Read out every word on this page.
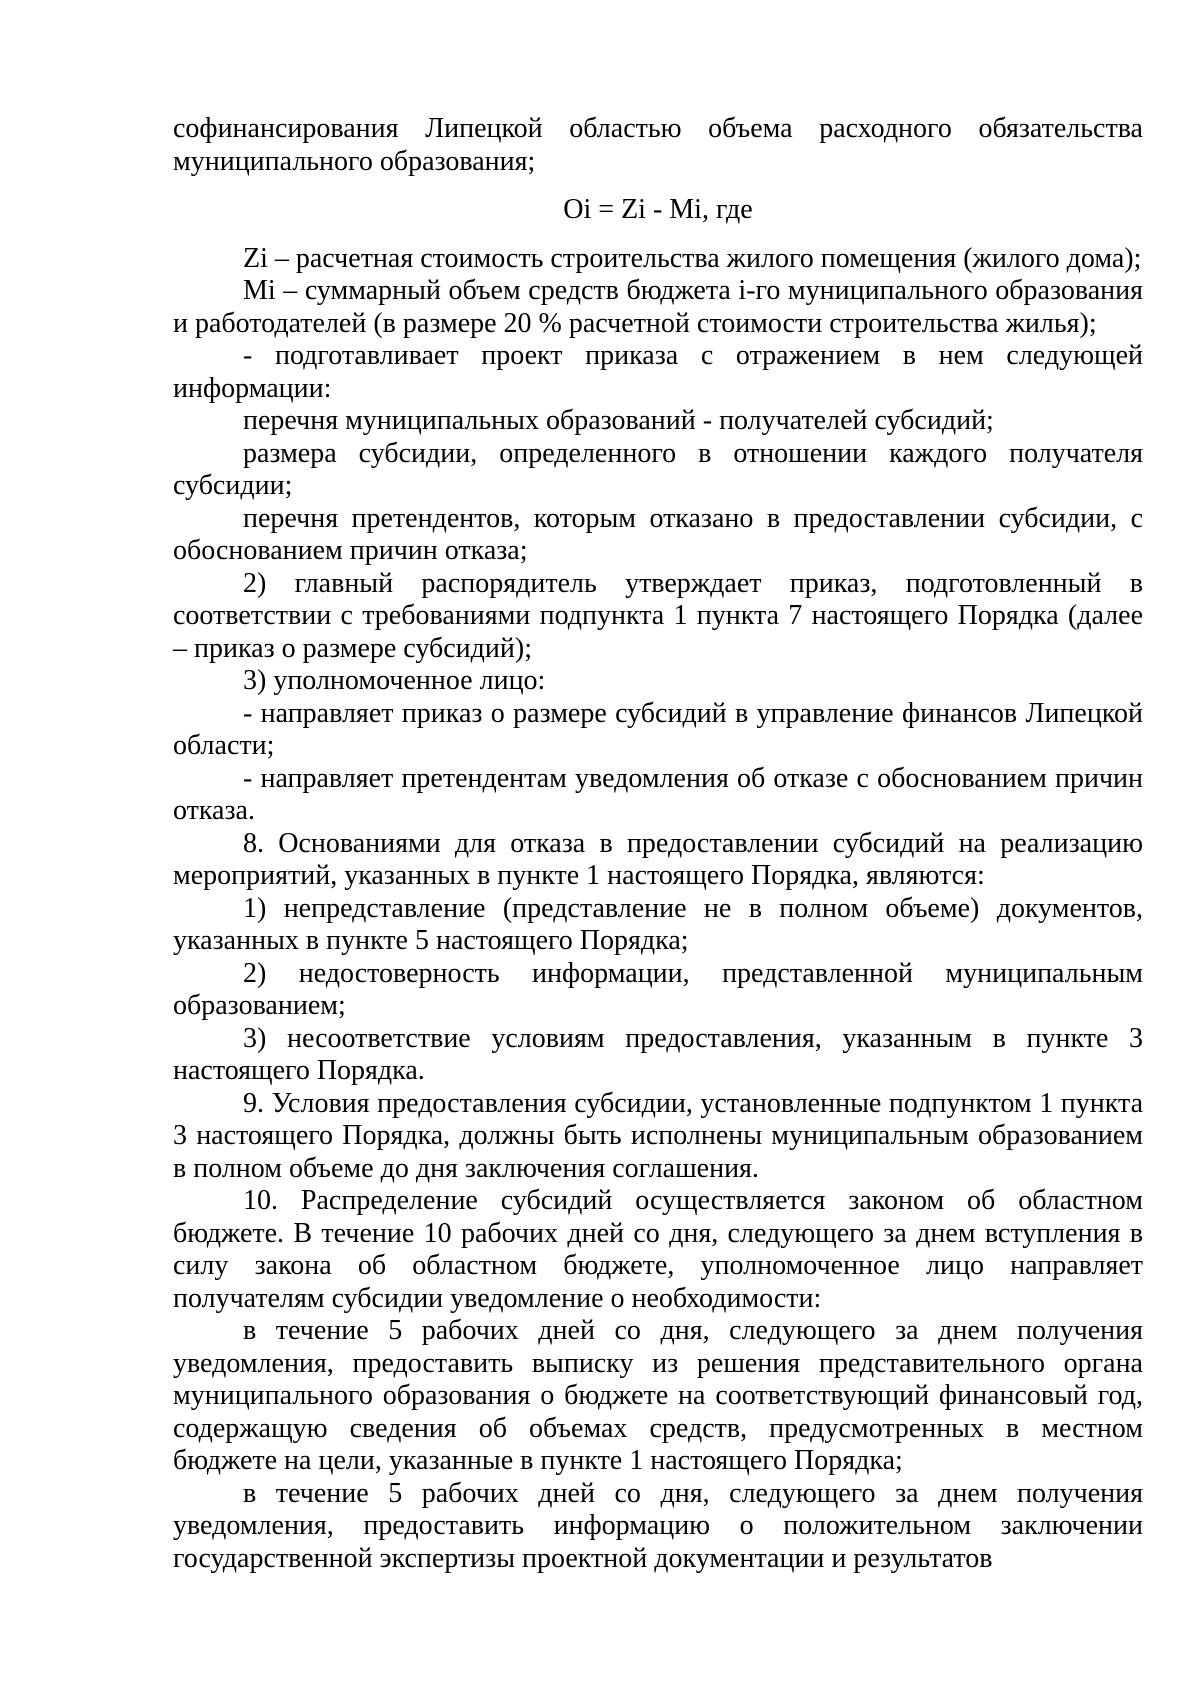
софинансирования Липецкой областью объема расходного обязательства муниципального образования;

Oi = Zi - Mi, где

Zi – расчетная стоимость строительства жилого помещения (жилого дома);

Mi – суммарный объем средств бюджета i-го муниципального образования и работодателей (в размере 20 % расчетной стоимости строительства жилья);

- подготавливает проект приказа с отражением в нем следующей информации:

перечня муниципальных образований - получателей субсидий;

размера субсидии, определенного в отношении каждого получателя субсидии;

перечня претендентов, которым отказано в предоставлении субсидии, с обоснованием причин отказа;

2) главный распорядитель утверждает приказ, подготовленный в соответствии с требованиями подпункта 1 пункта 7 настоящего Порядка (далее – приказ о размере субсидий);

3) уполномоченное лицо:

- направляет приказ о размере субсидий в управление финансов Липецкой области;

- направляет претендентам уведомления об отказе с обоснованием причин отказа.

8. Основаниями для отказа в предоставлении субсидий на реализацию мероприятий, указанных в пункте 1 настоящего Порядка, являются:

1) непредставление (представление не в полном объеме) документов, указанных в пункте 5 настоящего Порядка;

2) недостоверность информации, представленной муниципальным образованием;

3) несоответствие условиям предоставления, указанным в пункте 3 настоящего Порядка.

9. Условия предоставления субсидии, установленные подпунктом 1 пункта 3 настоящего Порядка, должны быть исполнены муниципальным образованием в полном объеме до дня заключения соглашения.

10. Распределение субсидий осуществляется законом об областном бюджете. В течение 10 рабочих дней со дня, следующего за днем вступления в силу закона об областном бюджете, уполномоченное лицо направляет получателям субсидии уведомление о необходимости:

в течение 5 рабочих дней со дня, следующего за днем получения уведомления, предоставить выписку из решения представительного органа муниципального образования о бюджете на соответствующий финансовый год, содержащую сведения об объемах средств, предусмотренных в местном бюджете на цели, указанные в пункте 1 настоящего Порядка;

в течение 5 рабочих дней со дня, следующего за днем получения уведомления, предоставить информацию о положительном заключении государственной экспертизы проектной документации и результатов
